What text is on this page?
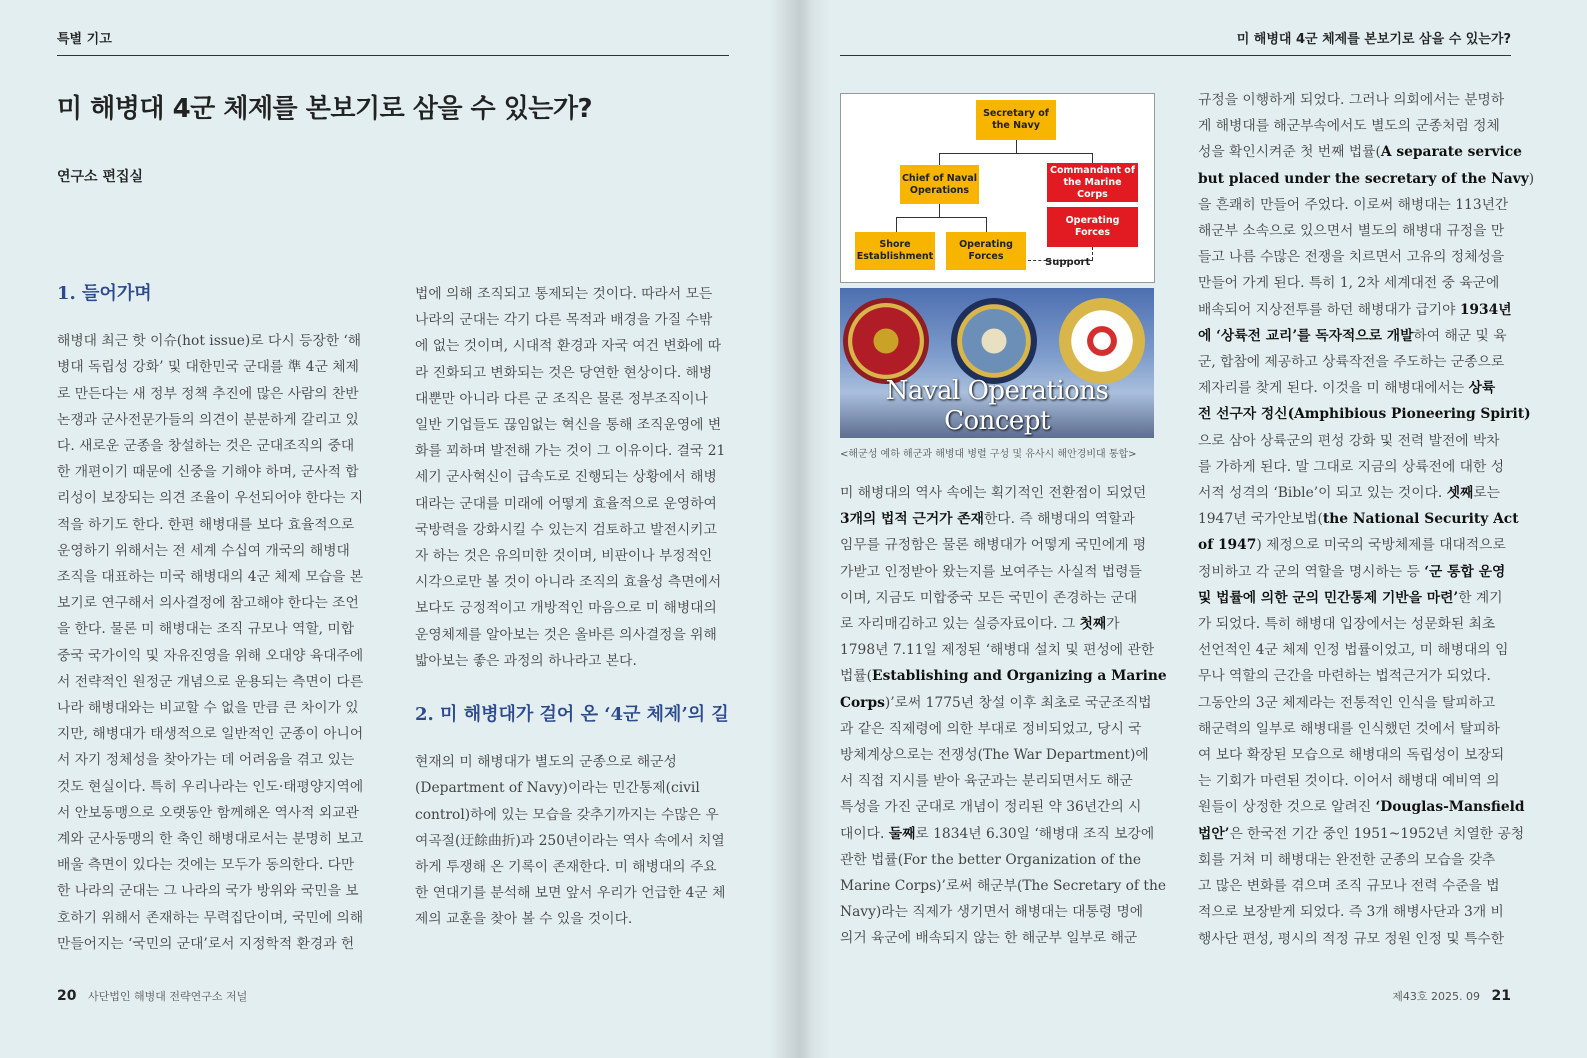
특별 기고
미 해병대 4군 체제를 본보기로 삼을 수 있는가?
연구소 편집실
1. 들어가며
해병대 최근 핫 이슈(hot issue)로 다시 등장한 ‘해
병대 독립성 강화’ 및 대한민국 군대를 準 4군 체제
로 만든다는 새 정부 정책 추진에 많은 사람의 찬반
논쟁과 군사전문가들의 의견이 분분하게 갈리고 있
다. 새로운 군종을 창설하는 것은 군대조직의 중대
한 개편이기 때문에 신중을 기해야 하며, 군사적 합
리성이 보장되는 의견 조율이 우선되어야 한다는 지
적을 하기도 한다. 한편 해병대를 보다 효율적으로
운영하기 위해서는 전 세계 수십여 개국의 해병대
조직을 대표하는 미국 해병대의 4군 체제 모습을 본
보기로 연구해서 의사결정에 참고해야 한다는 조언
을 한다. 물론 미 해병대는 조직 규모나 역할, 미합
중국 국가이익 및 자유진영을 위해 오대양 육대주에
서 전략적인 원정군 개념으로 운용되는 측면이 다른
나라 해병대와는 비교할 수 없을 만큼 큰 차이가 있
지만, 해병대가 태생적으로 일반적인 군종이 아니어
서 자기 정체성을 찾아가는 데 어려움을 겪고 있는
것도 현실이다. 특히 우리나라는 인도·태평양지역에
서 안보동맹으로 오랫동안 함께해온 역사적 외교관
계와 군사동맹의 한 축인 해병대로서는 분명히 보고
배울 측면이 있다는 것에는 모두가 동의한다. 다만
한 나라의 군대는 그 나라의 국가 방위와 국민을 보
호하기 위해서 존재하는 무력집단이며, 국민에 의해
만들어지는 ‘국민의 군대’로서 지정학적 환경과 헌
법에 의해 조직되고 통제되는 것이다. 따라서 모든
나라의 군대는 각기 다른 목적과 배경을 가질 수밖
에 없는 것이며, 시대적 환경과 자국 여건 변화에 따
라 진화되고 변화되는 것은 당연한 현상이다. 해병
대뿐만 아니라 다른 군 조직은 물론 정부조직이나
일반 기업들도 끊임없는 혁신을 통해 조직운영에 변
화를 꾀하며 발전해 가는 것이 그 이유이다. 결국 21
세기 군사혁신이 급속도로 진행되는 상황에서 해병
대라는 군대를 미래에 어떻게 효율적으로 운영하여
국방력을 강화시킬 수 있는지 검토하고 발전시키고
자 하는 것은 유의미한 것이며, 비판이나 부정적인
시각으로만 볼 것이 아니라 조직의 효율성 측면에서
보다도 긍정적이고 개방적인 마음으로 미 해병대의
운영체제를 알아보는 것은 올바른 의사결정을 위해
밟아보는 좋은 과정의 하나라고 본다.
2. 미 해병대가 걸어 온 ‘4군 체제’의 길
현재의 미 해병대가 별도의 군종으로 해군성
(Department of Navy)이라는 민간통제(civil
control)하에 있는 모습을 갖추기까지는 수많은 우
여곡절(迂餘曲折)과 250년이라는 역사 속에서 치열
하게 투쟁해 온 기록이 존재한다. 미 해병대의 주요
한 연대기를 분석해 보면 앞서 우리가 언급한 4군 체
제의 교훈을 찾아 볼 수 있을 것이다.
20 사단법인 해병대 전략연구소 저널
미 해병대 4군 체제를 본보기로 삼을 수 있는가?
제43호 2025. 09 21
Secretary of the Navy
Chief of Naval Operations
Commandant of the Marine Corps
Operating Forces
Shore Establishment
Operating Forces
Support
Naval Operations Concept
<해군성 예하 해군과 해병대 병렬 구성 및 유사시 해안경비대 통합>
미 해병대의 역사 속에는 획기적인 전환점이 되었던
3개의 법적 근거가 존재한다. 즉 해병대의 역할과
임무를 규정함은 물론 해병대가 어떻게 국민에게 평
가받고 인정받아 왔는지를 보여주는 사실적 법령들
이며, 지금도 미합중국 모든 국민이 존경하는 군대
로 자리매김하고 있는 실증자료이다. 그 첫째가
1798년 7.11일 제정된 ‘해병대 설치 및 편성에 관한
법률(Establishing and Organizing a Marine
Corps)’로써 1775년 창설 이후 최초로 국군조직법
과 같은 직제령에 의한 부대로 정비되었고, 당시 국
방체계상으로는 전쟁성(The War Department)에
서 직접 지시를 받아 육군과는 분리되면서도 해군
특성을 가진 군대로 개념이 정리된 약 36년간의 시
대이다. 둘째로 1834년 6.30일 ‘해병대 조직 보강에
관한 법률(For the better Organization of the
Marine Corps)’로써 해군부(The Secretary of the
Navy)라는 직제가 생기면서 해병대는 대통령 명에
의거 육군에 배속되지 않는 한 해군부 일부로 해군
규정을 이행하게 되었다. 그러나 의회에서는 분명하
게 해병대를 해군부속에서도 별도의 군종처럼 정체
성을 확인시켜준 첫 번째 법률(A separate service
but placed under the secretary of the Navy
을 흔쾌히 만들어 주었다. 이로써 해병대는 113년간
해군부 소속으로 있으면서 별도의 해병대 규정을 만
들고 나름 수많은 전쟁을 치르면서 고유의 정체성을
만들어 가게 된다. 특히 1, 2차 세계대전 중 육군에
배속되어 지상전투를 하던 해병대가 급기야 1934년
에 ‘상륙전 교리’를 독자적으로 개발하여 해군 및 육
군, 합참에 제공하고 상륙작전을 주도하는 군종으로
제자리를 찾게 된다. 이것을 미 해병대에서는 상륙
전 선구자 정신(Amphibious Pioneering Spirit)
으로 삼아 상륙군의 편성 강화 및 전력 발전에 박차
를 가하게 된다. 말 그대로 지금의 상륙전에 대한 성
서적 성격의 ‘Bible’이 되고 있는 것이다. 셋째로는
1947년 국가안보법(the National Security Act
of 1947) 제정으로 미국의 국방체제를 대대적으로
정비하고 각 군의 역할을 명시하는 등 ‘군 통합 운영
및 법률에 의한 군의 민간통제 기반을 마련’한 계기
가 되었다. 특히 해병대 입장에서는 성문화된 최초
선언적인 4군 체제 인정 법률이었고, 미 해병대의 임
무나 역할의 근간을 마련하는 법적근거가 되었다.
그동안의 3군 체제라는 전통적인 인식을 탈피하고
해군력의 일부로 해병대를 인식했던 것에서 탈피하
여 보다 확장된 모습으로 해병대의 독립성이 보장되
는 기회가 마련된 것이다. 이어서 해병대 예비역 의
원들이 상정한 것으로 알려진 ‘Douglas-Mansfield
법안’은 한국전 기간 중인 1951~1952년 치열한 공청
회를 거쳐 미 해병대는 완전한 군종의 모습을 갖추
고 많은 변화를 겪으며 조직 규모나 전력 수준을 법
적으로 보장받게 되었다. 즉 3개 해병사단과 3개 비
행사단 편성, 평시의 적정 규모 정원 인정 및 특수한
